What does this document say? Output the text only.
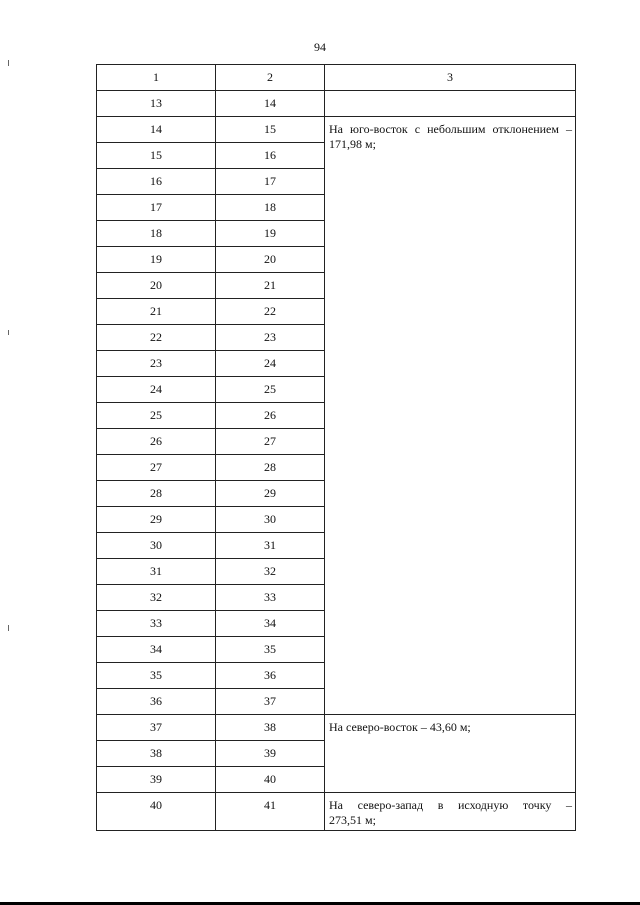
94
1	2	3
13	14	
14	15	На юго-восток с небольшим отклонением – 171,98 м;
15	16	
16	17	
17	18	
18	19	
19	20	
20	21	
21	22	
22	23	
23	24	
24	25	
25	26	
26	27	
27	28	
28	29	
29	30	
30	31	
31	32	
32	33	
33	34	
34	35	
35	36	
36	37	
37	38	На северо-восток – 43,60 м;
38	39	
39	40	
40	41	На северо-запад в исходную точку –
273,51 м;
